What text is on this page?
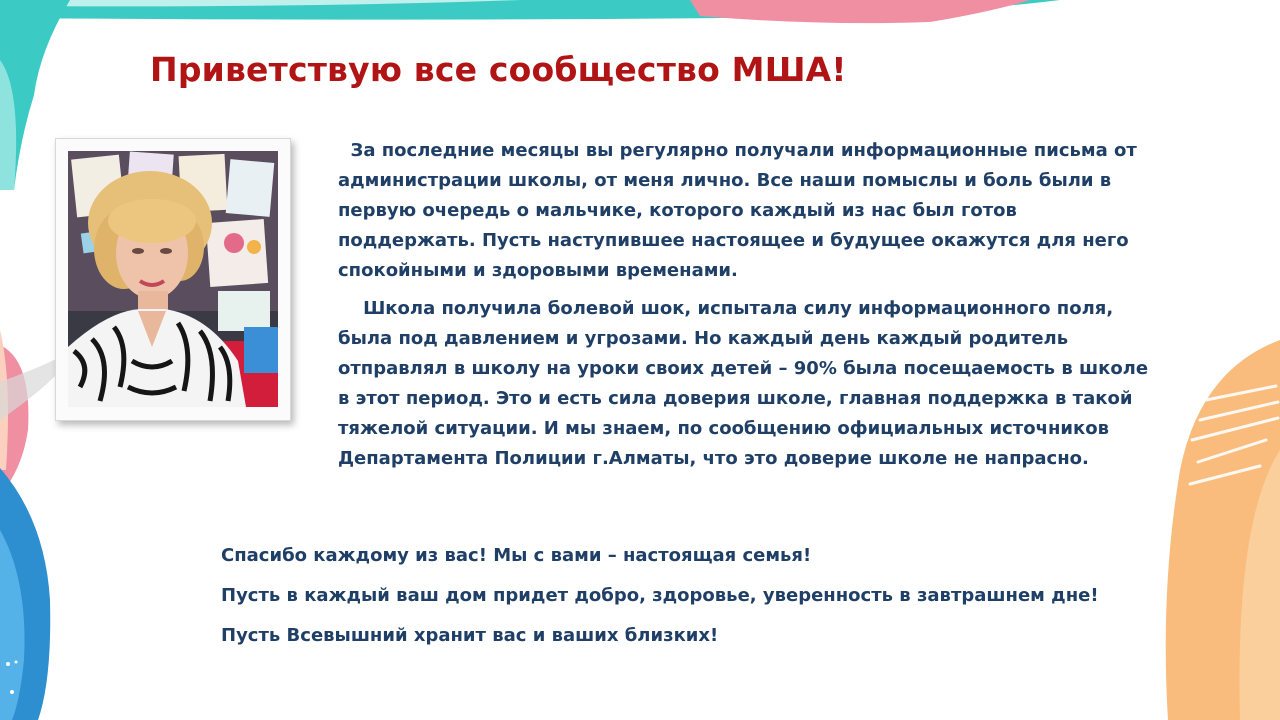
Приветствую все сообщество МША!

За последние месяцы вы регулярно получали информационные письма от администрации школы, от меня лично. Все наши помыслы и боль были в первую очередь о мальчике, которого каждый из нас был готов поддержать. Пусть наступившее настоящее и будущее окажутся для него спокойными и здоровыми временами.

Школа получила болевой шок, испытала силу информационного поля, была под давлением и угрозами. Но каждый день каждый родитель отправлял в школу на уроки своих детей – 90% была посещаемость в школе в этот период. Это и есть сила доверия школе, главная поддержка в такой тяжелой ситуации. И мы знаем, по сообщению официальных источников Департамента Полиции г.Алматы, что это доверие школе не напрасно.

Спасибо каждому из вас! Мы с вами – настоящая семья!
Пусть в каждый ваш дом придет добро, здоровье, уверенность в завтрашнем дне!
Пусть Всевышний хранит вас и ваших близких!
